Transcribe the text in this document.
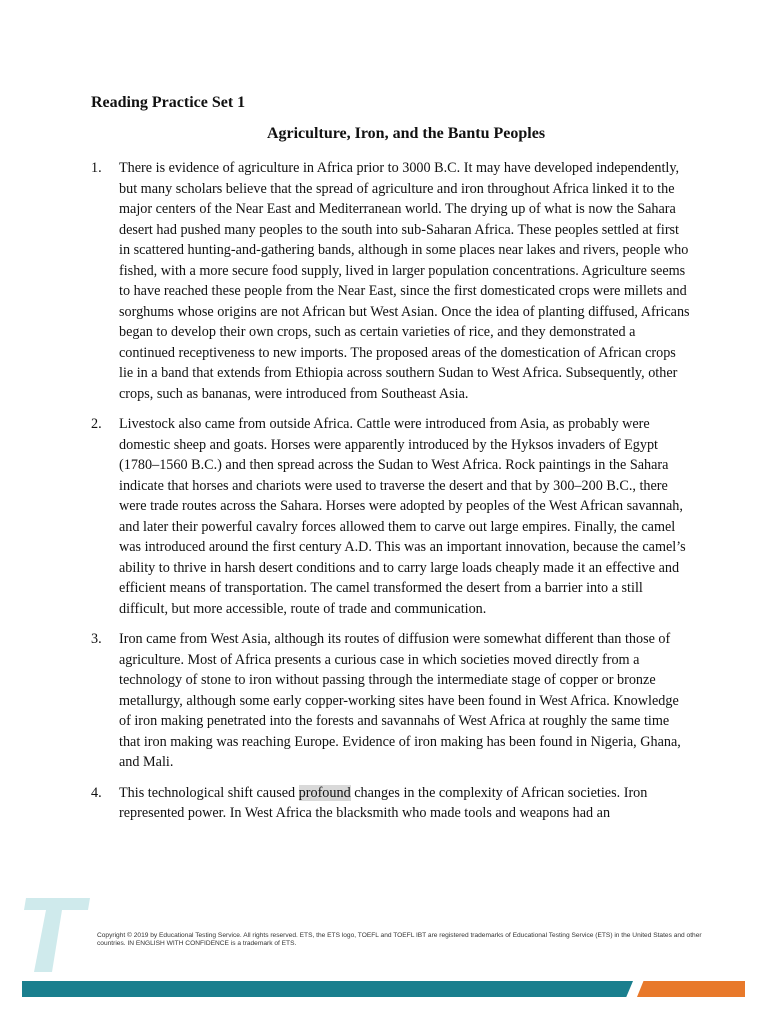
Reading Practice Set 1
Agriculture, Iron, and the Bantu Peoples
1. There is evidence of agriculture in Africa prior to 3000 B.C. It may have developed independently, but many scholars believe that the spread of agriculture and iron throughout Africa linked it to the major centers of the Near East and Mediterranean world. The drying up of what is now the Sahara desert had pushed many peoples to the south into sub-Saharan Africa. These peoples settled at first in scattered hunting-and-gathering bands, although in some places near lakes and rivers, people who fished, with a more secure food supply, lived in larger population concentrations. Agriculture seems to have reached these people from the Near East, since the first domesticated crops were millets and sorghums whose origins are not African but West Asian. Once the idea of planting diffused, Africans began to develop their own crops, such as certain varieties of rice, and they demonstrated a continued receptiveness to new imports. The proposed areas of the domestication of African crops lie in a band that extends from Ethiopia across southern Sudan to West Africa. Subsequently, other crops, such as bananas, were introduced from Southeast Asia.
2. Livestock also came from outside Africa. Cattle were introduced from Asia, as probably were domestic sheep and goats. Horses were apparently introduced by the Hyksos invaders of Egypt (1780–1560 B.C.) and then spread across the Sudan to West Africa. Rock paintings in the Sahara indicate that horses and chariots were used to traverse the desert and that by 300–200 B.C., there were trade routes across the Sahara. Horses were adopted by peoples of the West African savannah, and later their powerful cavalry forces allowed them to carve out large empires. Finally, the camel was introduced around the first century A.D. This was an important innovation, because the camel’s ability to thrive in harsh desert conditions and to carry large loads cheaply made it an effective and efficient means of transportation. The camel transformed the desert from a barrier into a still difficult, but more accessible, route of trade and communication.
3. Iron came from West Asia, although its routes of diffusion were somewhat different than those of agriculture. Most of Africa presents a curious case in which societies moved directly from a technology of stone to iron without passing through the intermediate stage of copper or bronze metallurgy, although some early copper-working sites have been found in West Africa. Knowledge of iron making penetrated into the forests and savannahs of West Africa at roughly the same time that iron making was reaching Europe. Evidence of iron making has been found in Nigeria, Ghana, and Mali.
4. This technological shift caused profound changes in the complexity of African societies. Iron represented power. In West Africa the blacksmith who made tools and weapons had an

Copyright © 2019 by Educational Testing Service. All rights reserved. ETS, the ETS logo, TOEFL and TOEFL IBT are registered trademarks of Educational Testing Service (ETS) in the United States and other countries. IN ENGLISH WITH CONFIDENCE is a trademark of ETS.
